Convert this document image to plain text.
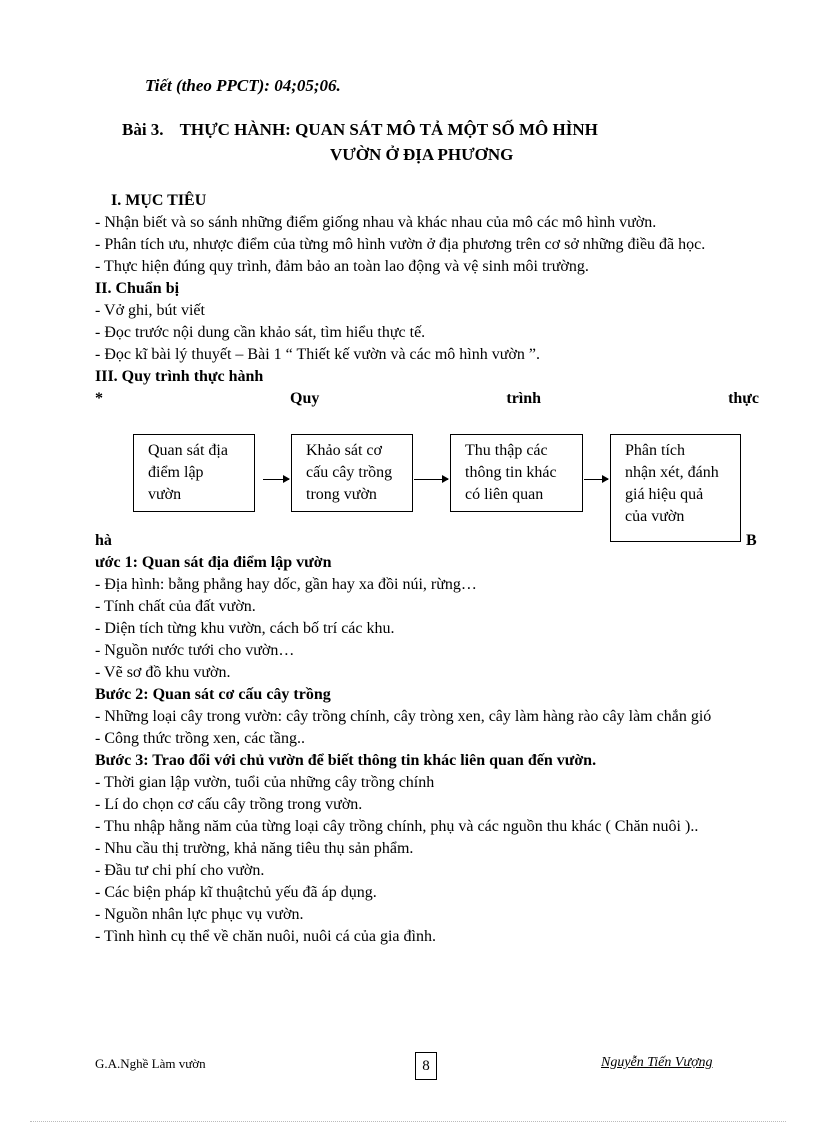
Tiết (theo PPCT): 04;05;06.
Bài 3. THỰC HÀNH: QUAN SÁT MÔ TẢ MỘT SỐ MÔ HÌNH
VƯỜN Ở ĐỊA PHƯƠNG
I. MỤC TIÊU
- Nhận biết và so sánh những điểm giống nhau và khác nhau của mô các mô hình vườn.
- Phân tích ưu, nhược điểm của từng mô hình vườn ở địa phương trên cơ sở những điều đã học.
- Thực hiện đúng quy trình, đảm bảo an toàn lao động và vệ sinh môi trường.
II. Chuẩn bị
- Vở ghi, bút viết
- Đọc trước nội dung cần khảo sát, tìm hiểu thực tế.
- Đọc kĩ bài lý thuyết – Bài 1 “ Thiết kế vườn và các mô hình vườn ”.
III. Quy trình thực hành
*	Quy	trình	thực
Quan sát địa
điểm lập
vườn
Khảo sát cơ
cấu cây trồng
trong vườn
Thu thập các
thông tin khác
có liên quan
Phân tích
nhận xét, đánh
giá hiệu quả
của vườn
hà	B
ước 1: Quan sát địa điểm lập vườn
- Địa hình: bằng phẳng hay dốc, gần hay xa đồi núi, rừng…
- Tính chất của đất vườn.
- Diện tích từng khu vườn, cách bố trí các khu.
- Nguồn nước tưới cho vườn…
- Vẽ sơ đồ khu vườn.
Bước 2: Quan sát cơ cấu cây trồng
- Những loại cây trong vườn: cây trồng chính, cây tròng xen, cây làm hàng rào cây làm chắn gió
- Công thức trồng xen, các tầng..
Bước 3: Trao đổi với chủ vườn để biết thông tin khác liên quan đến vườn.
- Thời gian lập vườn, tuổi của những cây trồng chính
- Lí do chọn cơ cấu cây trồng trong vườn.
- Thu nhập hằng năm của từng loại cây trồng chính, phụ và các nguồn thu khác ( Chăn nuôi )..
- Nhu cầu thị trường, khả năng tiêu thụ sản phẩm.
- Đầu tư chi phí cho vườn.
- Các biện pháp kĩ thuậtchủ yếu đã áp dụng.
- Nguồn nhân lực phục vụ vườn.
- Tình hình cụ thể về chăn nuôi, nuôi cá của gia đình.
G.A.Nghề Làm vườn	8	Nguyễn Tiến Vượng
